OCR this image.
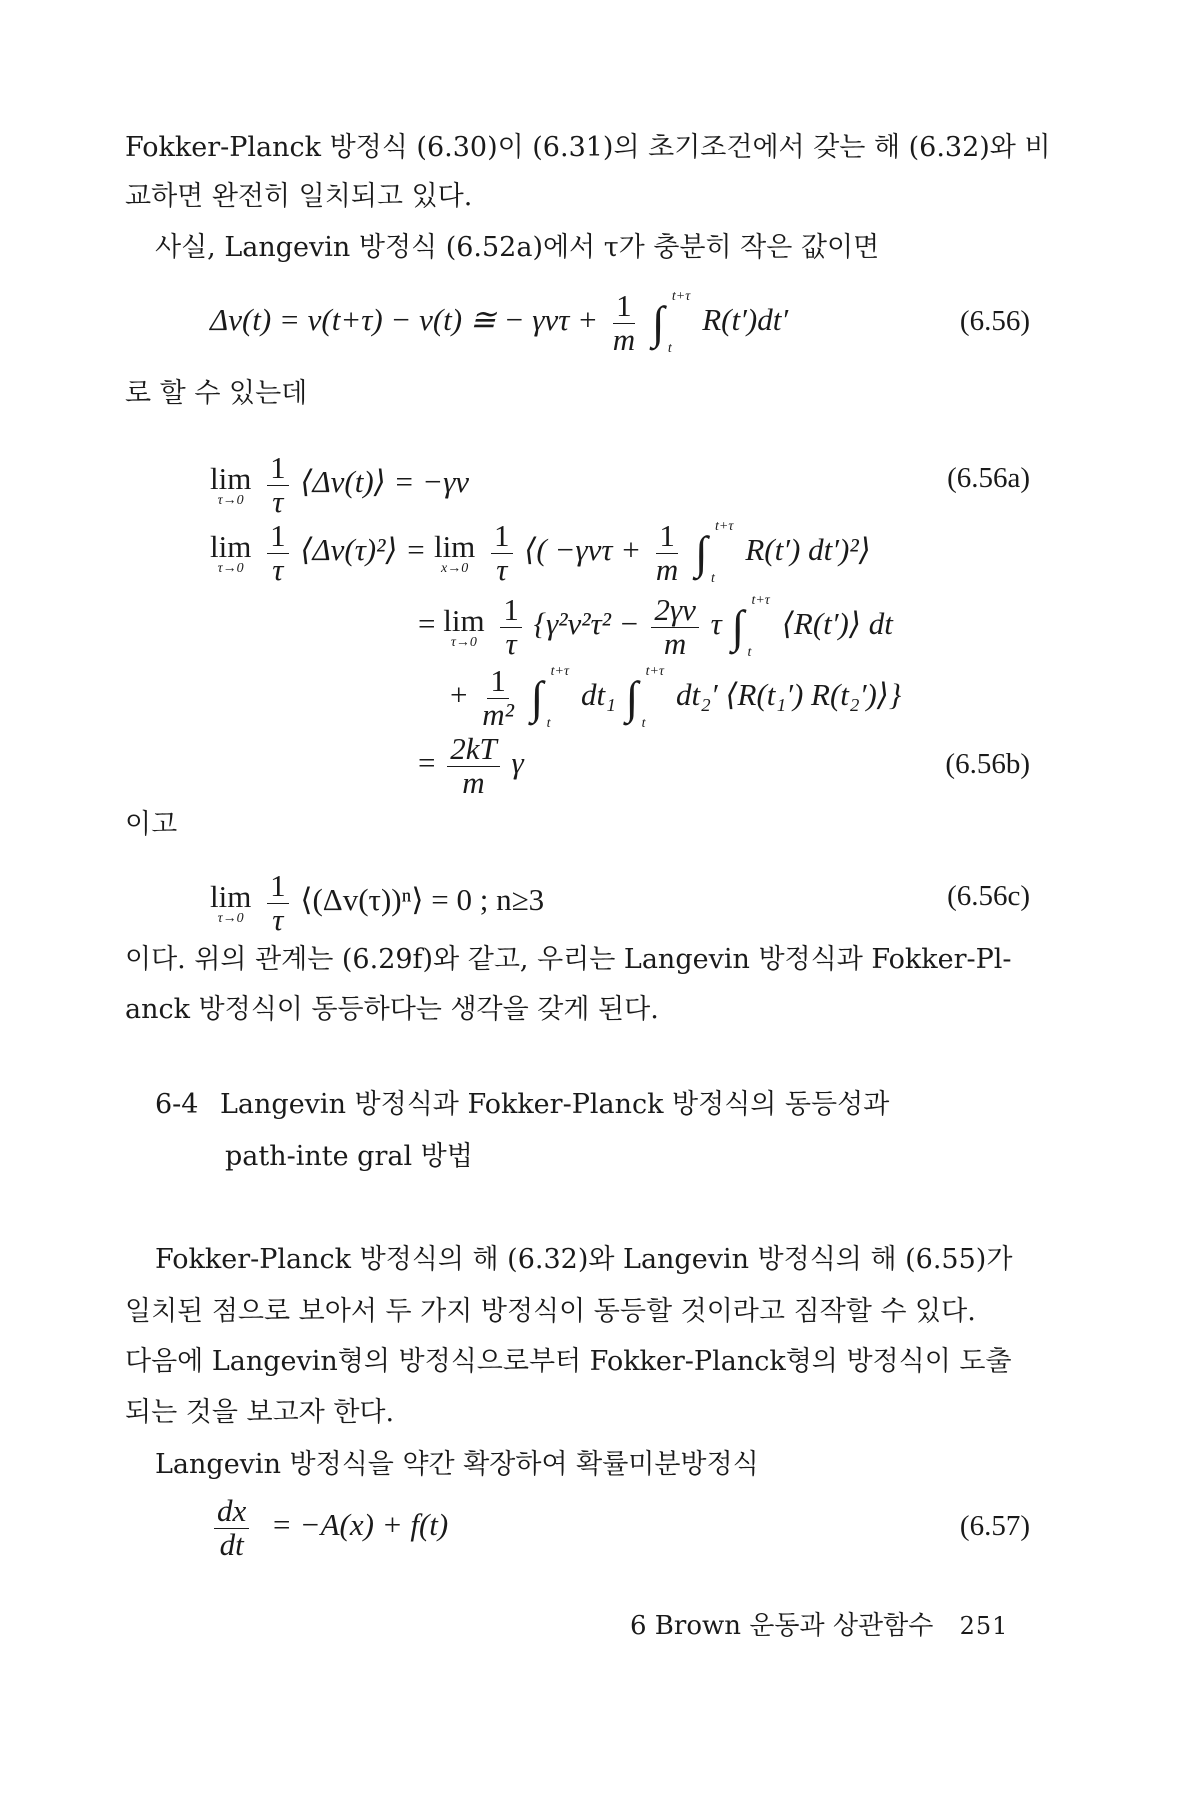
Fokker-Planck 방정식 (6.30)이 (6.31)의 초기조건에서 갖는 해 (6.32)와 비
교하면 완전히 일치되고 있다.
사실, Langevin 방정식 (6.52a)에서 τ가 충분히 작은 값이면
Δv(t) = v(t+τ) − v(t) ≅ − $\gamma v\tau + \frac{1}{m}$ ∫
t+τ
t
R(t′)dt′	(6.56)
로 할 수 있는데
lim
τ→0
$\frac{1}{\tau}$ ⟨Δv(t)⟩ = −γv	(6.56a)
lim
τ→0
$\frac{1}{\tau}$ ⟨Δv(τ)²⟩ = lim
x→0
$\frac{1}{\tau}$ ⟨( $-\gamma v\tau + \frac{1}{m}$ ∫
t+τ
t
R(t′) dt′)²⟩
= lim
τ→0
$\frac{1}{\tau} \{\gamma^2v^2\tau^2 - \frac{2\gamma v}{m}$ τ ∫
t+τ
t
⟨R(t′)⟩ dt
+ $\frac{1}{\text{m²}}$ ∫
t+τ
t
dt₁ ∫
t+τ
t
dt₂′ ⟨R(t₁′) R(t₂′)⟩}
= $\frac{2kT}{m}$ γ	(6.56b)
이고
lim
τ→0
$\frac{1}{\tau}$ ⟨(Δv(τ))ⁿ⟩ = 0 ; n≥3	(6.56c)
이다. 위의 관계는 (6.29f)와 같고, 우리는 Langevin 방정식과 Fokker-Pl-
anck 방정식이 동등하다는 생각을 갖게 된다.
6-4 Langevin 방정식과 Fokker-Planck 방정식의 동등성과
path-inte gral 방법
Fokker-Planck 방정식의 해 (6.32)와 Langevin 방정식의 해 (6.55)가
일치된 점으로 보아서 두 가지 방정식이 동등할 것이라고 짐작할 수 있다.
다음에 Langevin형의 방정식으로부터 Fokker-Planck형의 방정식이 도출
되는 것을 보고자 한다.
Langevin 방정식을 약간 확장하여 확률미분방정식
$\frac{dx}{dt} = -A(x) + f(t)$	(6.57)
6 Brown 운동과 상관함수 251
